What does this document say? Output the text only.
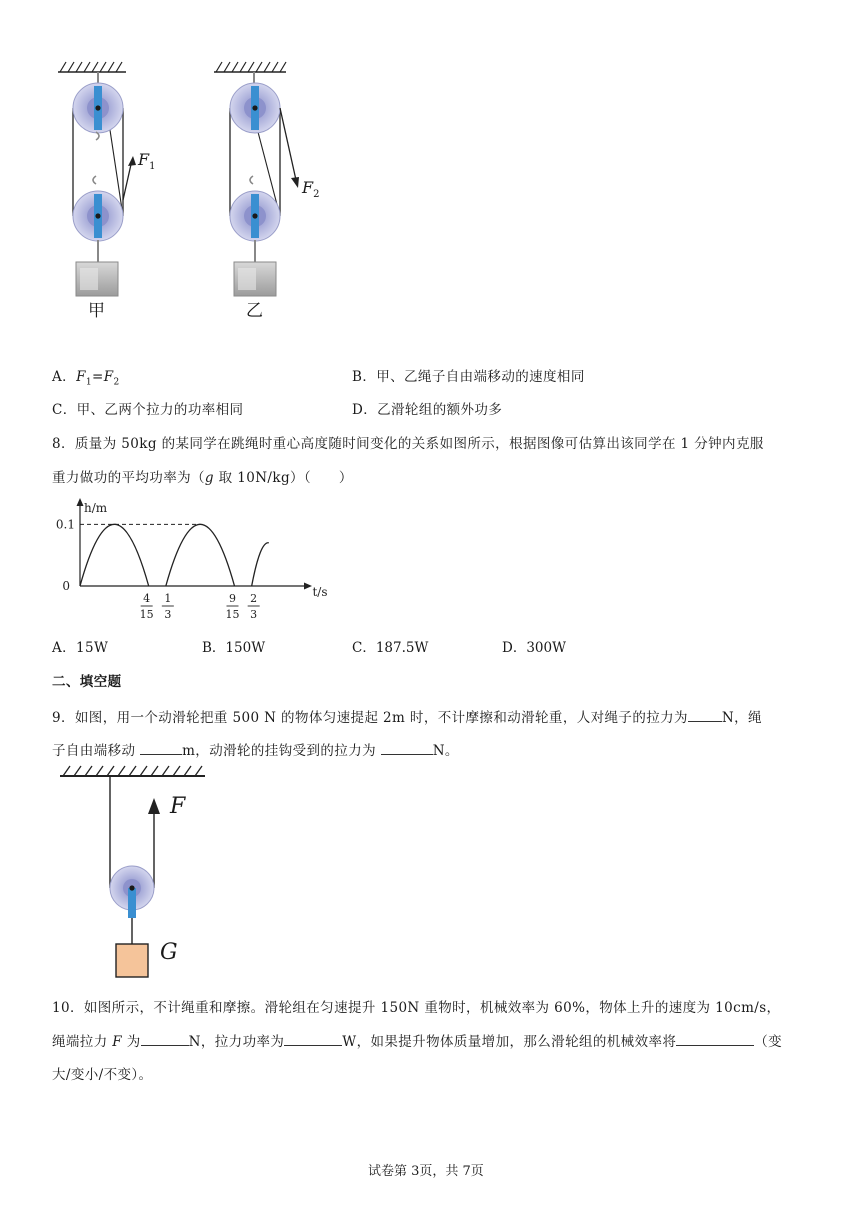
$F_1$
$F_2$
甲	乙
A．$F_1=F_2$	B．甲、乙绳子自由端移动的速度相同
C．甲、乙两个拉力的功率相同	D．乙滑轮组的额外功多
8．质量为 50kg 的某同学在跳绳时重心高度随时间变化的关系如图所示，根据图像可估算出该同学在 1 分钟内克服
重力做功的平均功率为（g 取 10N/kg）（　　）
h/m
t/s
0
0.1
4
15
1
3
9
15
2
3
A．15W	B．150W	C．187.5W	D．300W
二、填空题
9．如图，用一个动滑轮把重 500 N 的物体匀速提起 2m 时，不计摩擦和动滑轮重，人对绳子的拉力为	N，绳
子自由端移动	m，动滑轮的挂钩受到的拉力为	N。
F
G
10．如图所示，不计绳重和摩擦。滑轮组在匀速提升 150N 重物时，机械效率为 60%，物体上升的速度为 10cm/s，
绳端拉力 F 为	N，拉力功率为	W，如果提升物体质量增加，那么滑轮组的机械效率将	（变
大/变小/不变）。
试卷第 3页，共 7页
